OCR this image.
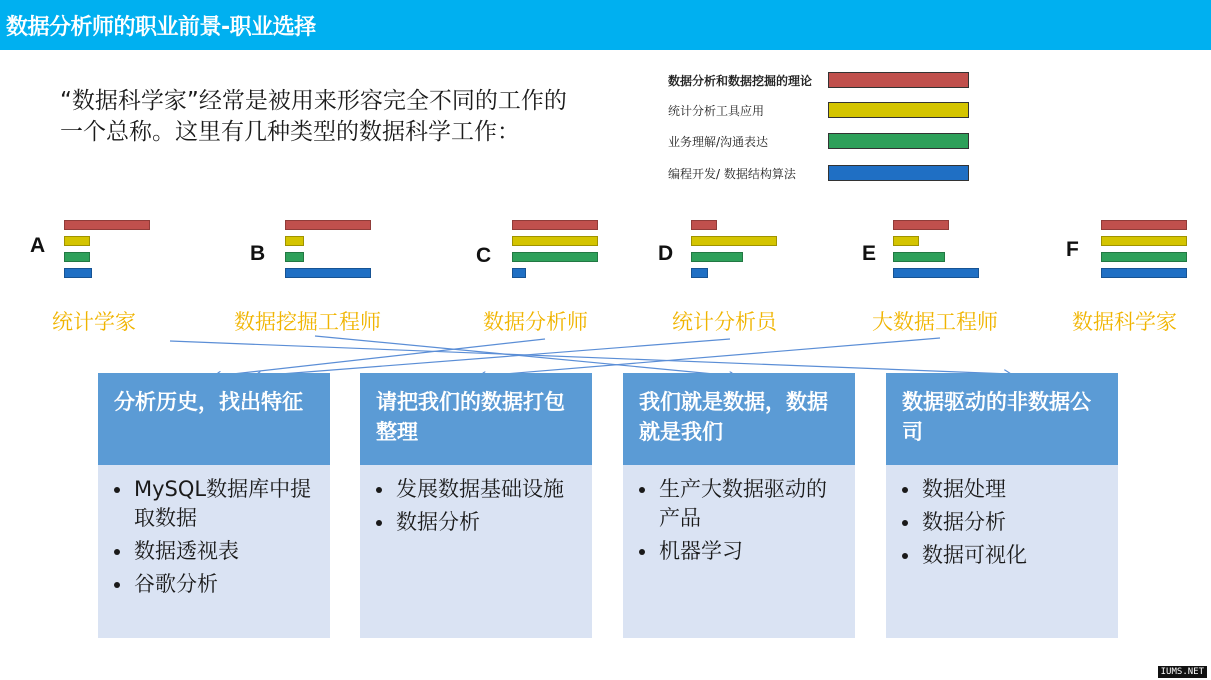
数据分析师的职业前景-职业选择
“数据科学家”经常是被用来形容完全不同的工作的一个总称。这里有几种类型的数据科学工作：
数据分析和数据挖掘的理论
统计分析工具应用
业务理解/沟通表达
编程开发/ 数据结构算法
A
统计学家
B
数据挖掘工程师
C
数据分析师
D
统计分析员
E
大数据工程师
F
数据科学家
分析历史，找出特征
MySQL数据库中提取数据
数据透视表
谷歌分析
请把我们的数据打包整理
发展数据基础设施
数据分析
我们就是数据，数据就是我们
生产大数据驱动的产品
机器学习
数据驱动的非数据公司
数据处理
数据分析
数据可视化
IUMS.NET
